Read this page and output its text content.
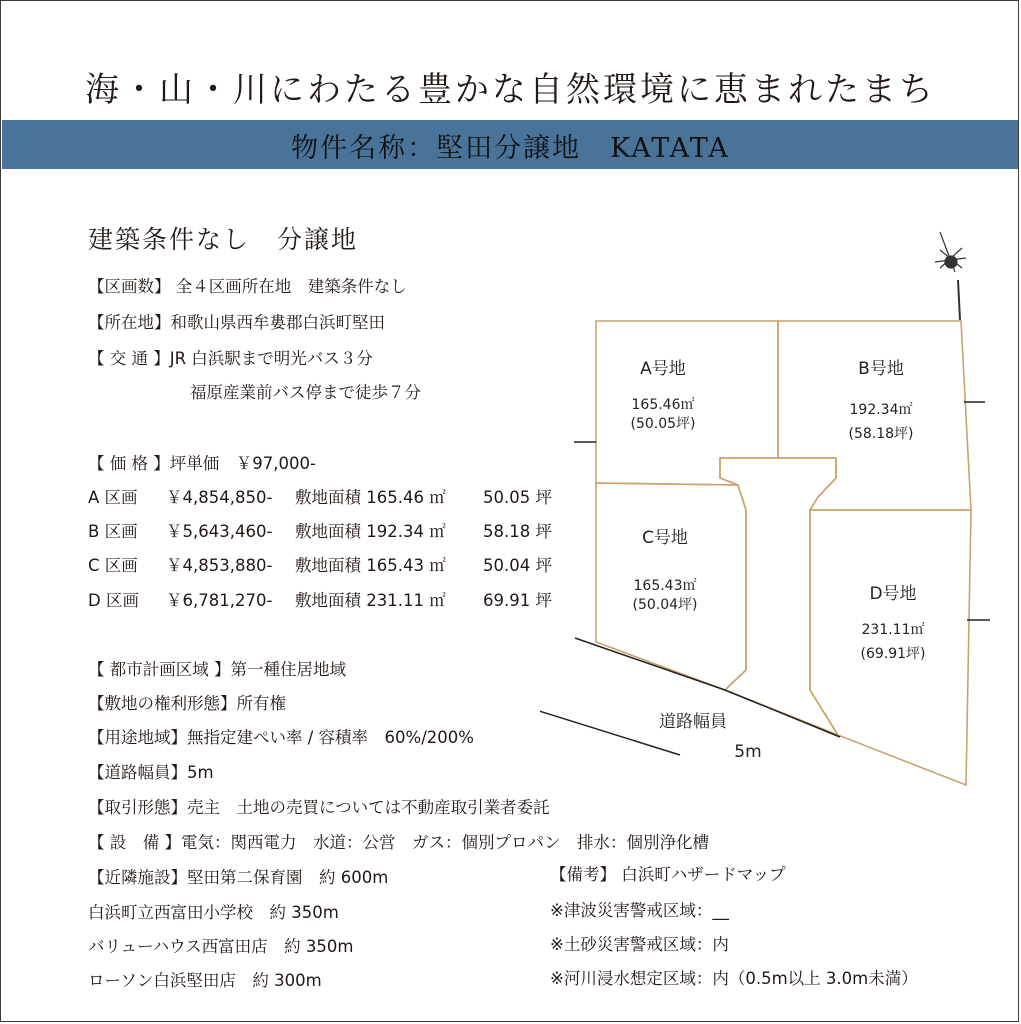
海・山・川にわたる豊かな自然環境に恵まれたまち
物件名称：堅田分譲地　KATATA
建築条件なし　分譲地
【区画数】 全４区画所在地　建築条件なし
【所在地】和歌山県西牟婁郡白浜町堅田
【 交 通 】JR 白浜駅まで明光バス３分
福原産業前バス停まで徒歩７分
【 価 格 】坪単価　￥97,000-
A 区画 ￥4,854,850- 敷地面積 165.46 ㎡ 50.05 坪
B 区画 ￥5,643,460- 敷地面積 192.34 ㎡ 58.18 坪
C 区画 ￥4,853,880- 敷地面積 165.43 ㎡ 50.04 坪
D 区画 ￥6,781,270- 敷地面積 231.11 ㎡ 69.91 坪
【 都市計画区域 】第一種住居地域
【敷地の権利形態】所有権
【用途地域】無指定建ぺい率 / 容積率　60%/200%
【道路幅員】5m
【取引形態】売主　土地の売買については不動産取引業者委託
【 設　備 】電気：関西電力　水道：公営　ガス：個別プロパン　排水：個別浄化槽
【近隣施設】堅田第二保育園　約 600m
白浜町立西富田小学校　約 350m
バリューハウス西富田店　約 350m
ローソン白浜堅田店　約 300m
【備考】 白浜町ハザードマップ
※津波災害警戒区域：__
※土砂災害警戒区域：内
※河川浸水想定区域：内（0.5m以上 3.0m未満）
A号地
165.46㎡
(50.05坪)
B号地
192.34㎡
(58.18坪)
C号地
165.43㎡
(50.04坪)
D号地
231.11㎡
(69.91坪)
道路幅員
5m
